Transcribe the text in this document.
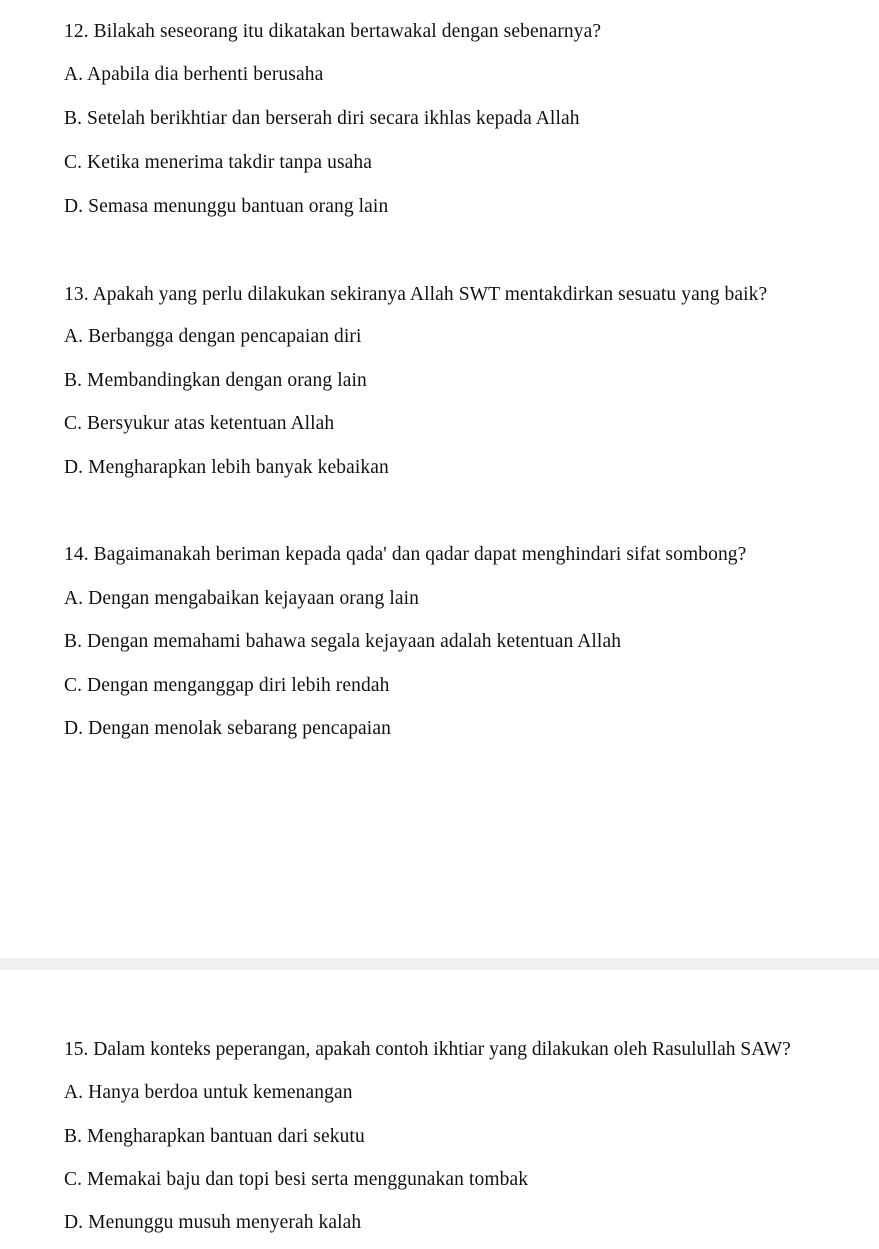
12. Bilakah seseorang itu dikatakan bertawakal dengan sebenarnya?
A. Apabila dia berhenti berusaha
B. Setelah berikhtiar dan berserah diri secara ikhlas kepada Allah
C. Ketika menerima takdir tanpa usaha
D. Semasa menunggu bantuan orang lain
13. Apakah yang perlu dilakukan sekiranya Allah SWT mentakdirkan sesuatu yang baik?
A. Berbangga dengan pencapaian diri
B. Membandingkan dengan orang lain
C. Bersyukur atas ketentuan Allah
D. Mengharapkan lebih banyak kebaikan
14. Bagaimanakah beriman kepada qada' dan qadar dapat menghindari sifat sombong?
A. Dengan mengabaikan kejayaan orang lain
B. Dengan memahami bahawa segala kejayaan adalah ketentuan Allah
C. Dengan menganggap diri lebih rendah
D. Dengan menolak sebarang pencapaian
15. Dalam konteks peperangan, apakah contoh ikhtiar yang dilakukan oleh Rasulullah SAW?
A. Hanya berdoa untuk kemenangan
B. Mengharapkan bantuan dari sekutu
C. Memakai baju dan topi besi serta menggunakan tombak
D. Menunggu musuh menyerah kalah
